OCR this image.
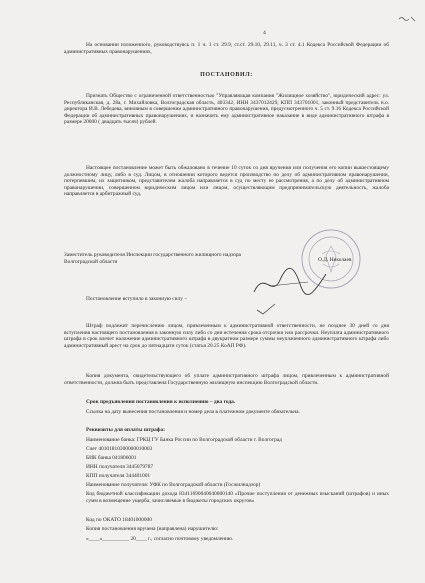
4

На основании изложенного, руководствуясь п. 1 ч. 1 ст. 29.9, ст.ст. 29.10, 29.11, ч. 3 ст. 4.1 Кодекса Российской Федерации об административных правонарушениях,

ПОСТАНОВИЛ:

Признать Общество с ограниченной ответственностью "Управляющая компания "Жилищное хозяйство", юридический адрес: ул. Республиканская, д. 28а, г. Михайловка, Волгоградская область, 403342, ИНН 3437012429, КПП 343701001, законный представитель н.о. директора И.В. Лебедева, виновным в совершении административного правонарушения, предусмотренного ч. 5 ст. 9.16 Кодекса Российской Федерации об административных правонарушениях, и назначить ему административное наказание в виде административного штрафа в размере 20000 ( двадцать тысяч) рублей.

Настоящее постановление может быть обжаловано в течение 10 суток со дня вручения или получения его копии вышестоящему должностному лицу, либо в суд. Лицом, в отношении которого ведется производство по делу об административном правонарушении, потерпевшим, их защитником, представителем жалоба направляется в суд по месту ее рассмотрения, а по делу об административном правонарушении, совершенном юридическим лицом или лицом, осуществляющим предпринимательскую деятельность, жалоба направляется в арбитражный суд.

Заместитель руководителя Инспекции государственного жилищного надзора Волгоградской области	О.Д. Николаев

Постановление вступило в законную силу –

Штраф подлежит перечислению лицом, привлеченным к административной ответственности, не позднее 30 дней со дня вступления настоящего постановления в законную силу либо со дня истечения срока отсрочки или рассрочки. Неуплата административного штрафа в срок влечет наложение административного штрафа в двукратном размере суммы неуплаченного административного штрафа либо административный арест на срок до пятнадцати суток (статья 20.25 КоАП РФ).

Копия документа, свидетельствующего об уплате административного штрафа лицом, привлеченным к административной ответственности, должна быть представлена Государственную жилищную инспекцию Волгоградской области.

Срок предъявления постановления к исполнению – два года.

Ссылка на дату вынесения постановления и номер дела в платежном документе обязательна.

Реквизиты для оплаты штрафа:

Наименование банка: ГРКЦ ГУ Банка России по Волгоградской области г. Волгоград

Счет 40101810300000010003

БИК банка 041806001

ИНН получателя 3445079787

КПП получателя 344401001

Наименование получателя: УФК по Волгоградской области (Госжилнадзор)

Код бюджетной классификации дохода 83411690040040000140 «Прочие поступления от денежных взысканий (штрафов) и иных сумм в возмещение ущерба, зачисляемые в бюджеты городских округов»

Код по ОКАТО 18401000000

Копия постановления вручена (направлена) нарушителю:

«____»__________ 20____ г., согласно почтовому уведомлению.
